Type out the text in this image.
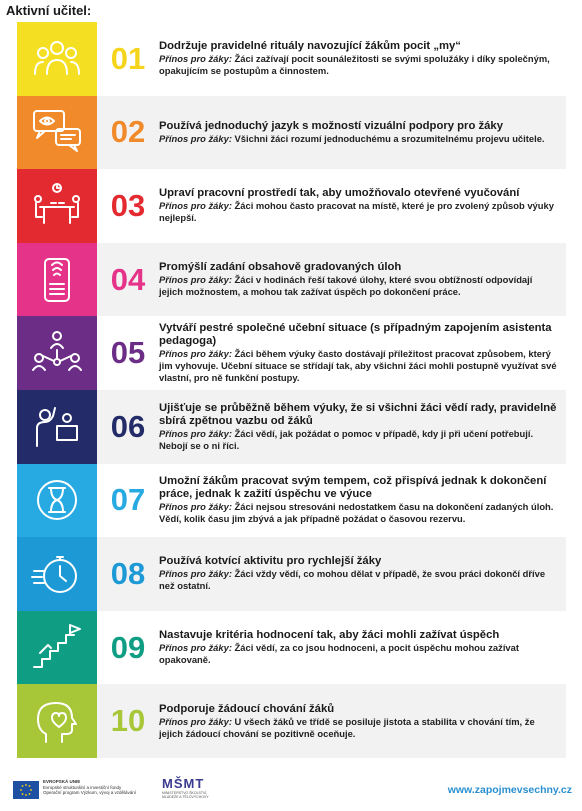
Aktivní učitel:
01	Dodržuje pravidelné rituály navozující žákům pocit „my“
Přínos pro žáky: Žáci zažívají pocit sounáležitosti se svými spolužáky i díky společným, opakujícím se postupům a činnostem.
02	Používá jednoduchý jazyk s možností vizuální podpory pro žáky
Přínos pro žáky: Všichni žáci rozumí jednoduchému a srozumitelnému projevu učitele.
03	Upraví pracovní prostředí tak, aby umožňovalo otevřené vyučování
Přínos pro žáky: Žáci mohou často pracovat na místě, které je pro zvolený způsob výuky nejlepší.
04	Promýšlí zadání obsahově gradovaných úloh
Přínos pro žáky: Žáci v hodinách řeší takové úlohy, které svou obtížností odpovídají jejich možnostem, a mohou tak zažívat úspěch po dokončení práce.
05
Vytváří pestré společné učební situace (s případným zapojením asistenta pedagoga)
Přínos pro žáky: Žáci během výuky často dostávají příležitost pracovat způsobem, který jim vyhovuje. Učební situace se střídají tak, aby všichni žáci mohli postupně využívat své vlastní, pro ně funkční postupy.
06
Ujišťuje se průběžně během výuky, že si všichni žáci vědí rady, pravidelně sbírá zpětnou vazbu od žáků
Přínos pro žáky: Žáci vědí, jak požádat o pomoc v případě, kdy ji při učení potřebují. Nebojí se o ni říci.
07
Umožní žákům pracovat svým tempem, což přispívá jednak k dokončení práce, jednak k zažití úspěchu ve výuce
Přínos pro žáky: Žáci nejsou stresováni nedostatkem času na dokončení zadaných úloh. Vědí, kolik času jim zbývá a jak případně požádat o časovou rezervu.
08	Používá kotvící aktivitu pro rychlejší žáky
Přínos pro žáky: Žáci vždy vědí, co mohou dělat v případě, že svou práci dokončí dříve než ostatní.
09	Nastavuje kritéria hodnocení tak, aby žáci mohli zažívat úspěch
Přínos pro žáky: Žáci vědí, za co jsou hodnoceni, a pocit úspěchu mohou zažívat opakovaně.
10	Podporuje žádoucí chování žáků
Přínos pro žáky: U všech žáků ve třídě se posiluje jistota a stabilita v chování tím, že jejich žádoucí chování se pozitivně oceňuje.
EVROPSKÁ UNIE
Evropské strukturální a investiční fondy
Operační program Výzkum, vývoj a vzdělávání
MŠMT
MINISTERSTVO ŠKOLSTVÍ, MLÁDEŽE A TĚLOVÝCHOVY
www.zapojmevsechny.cz
